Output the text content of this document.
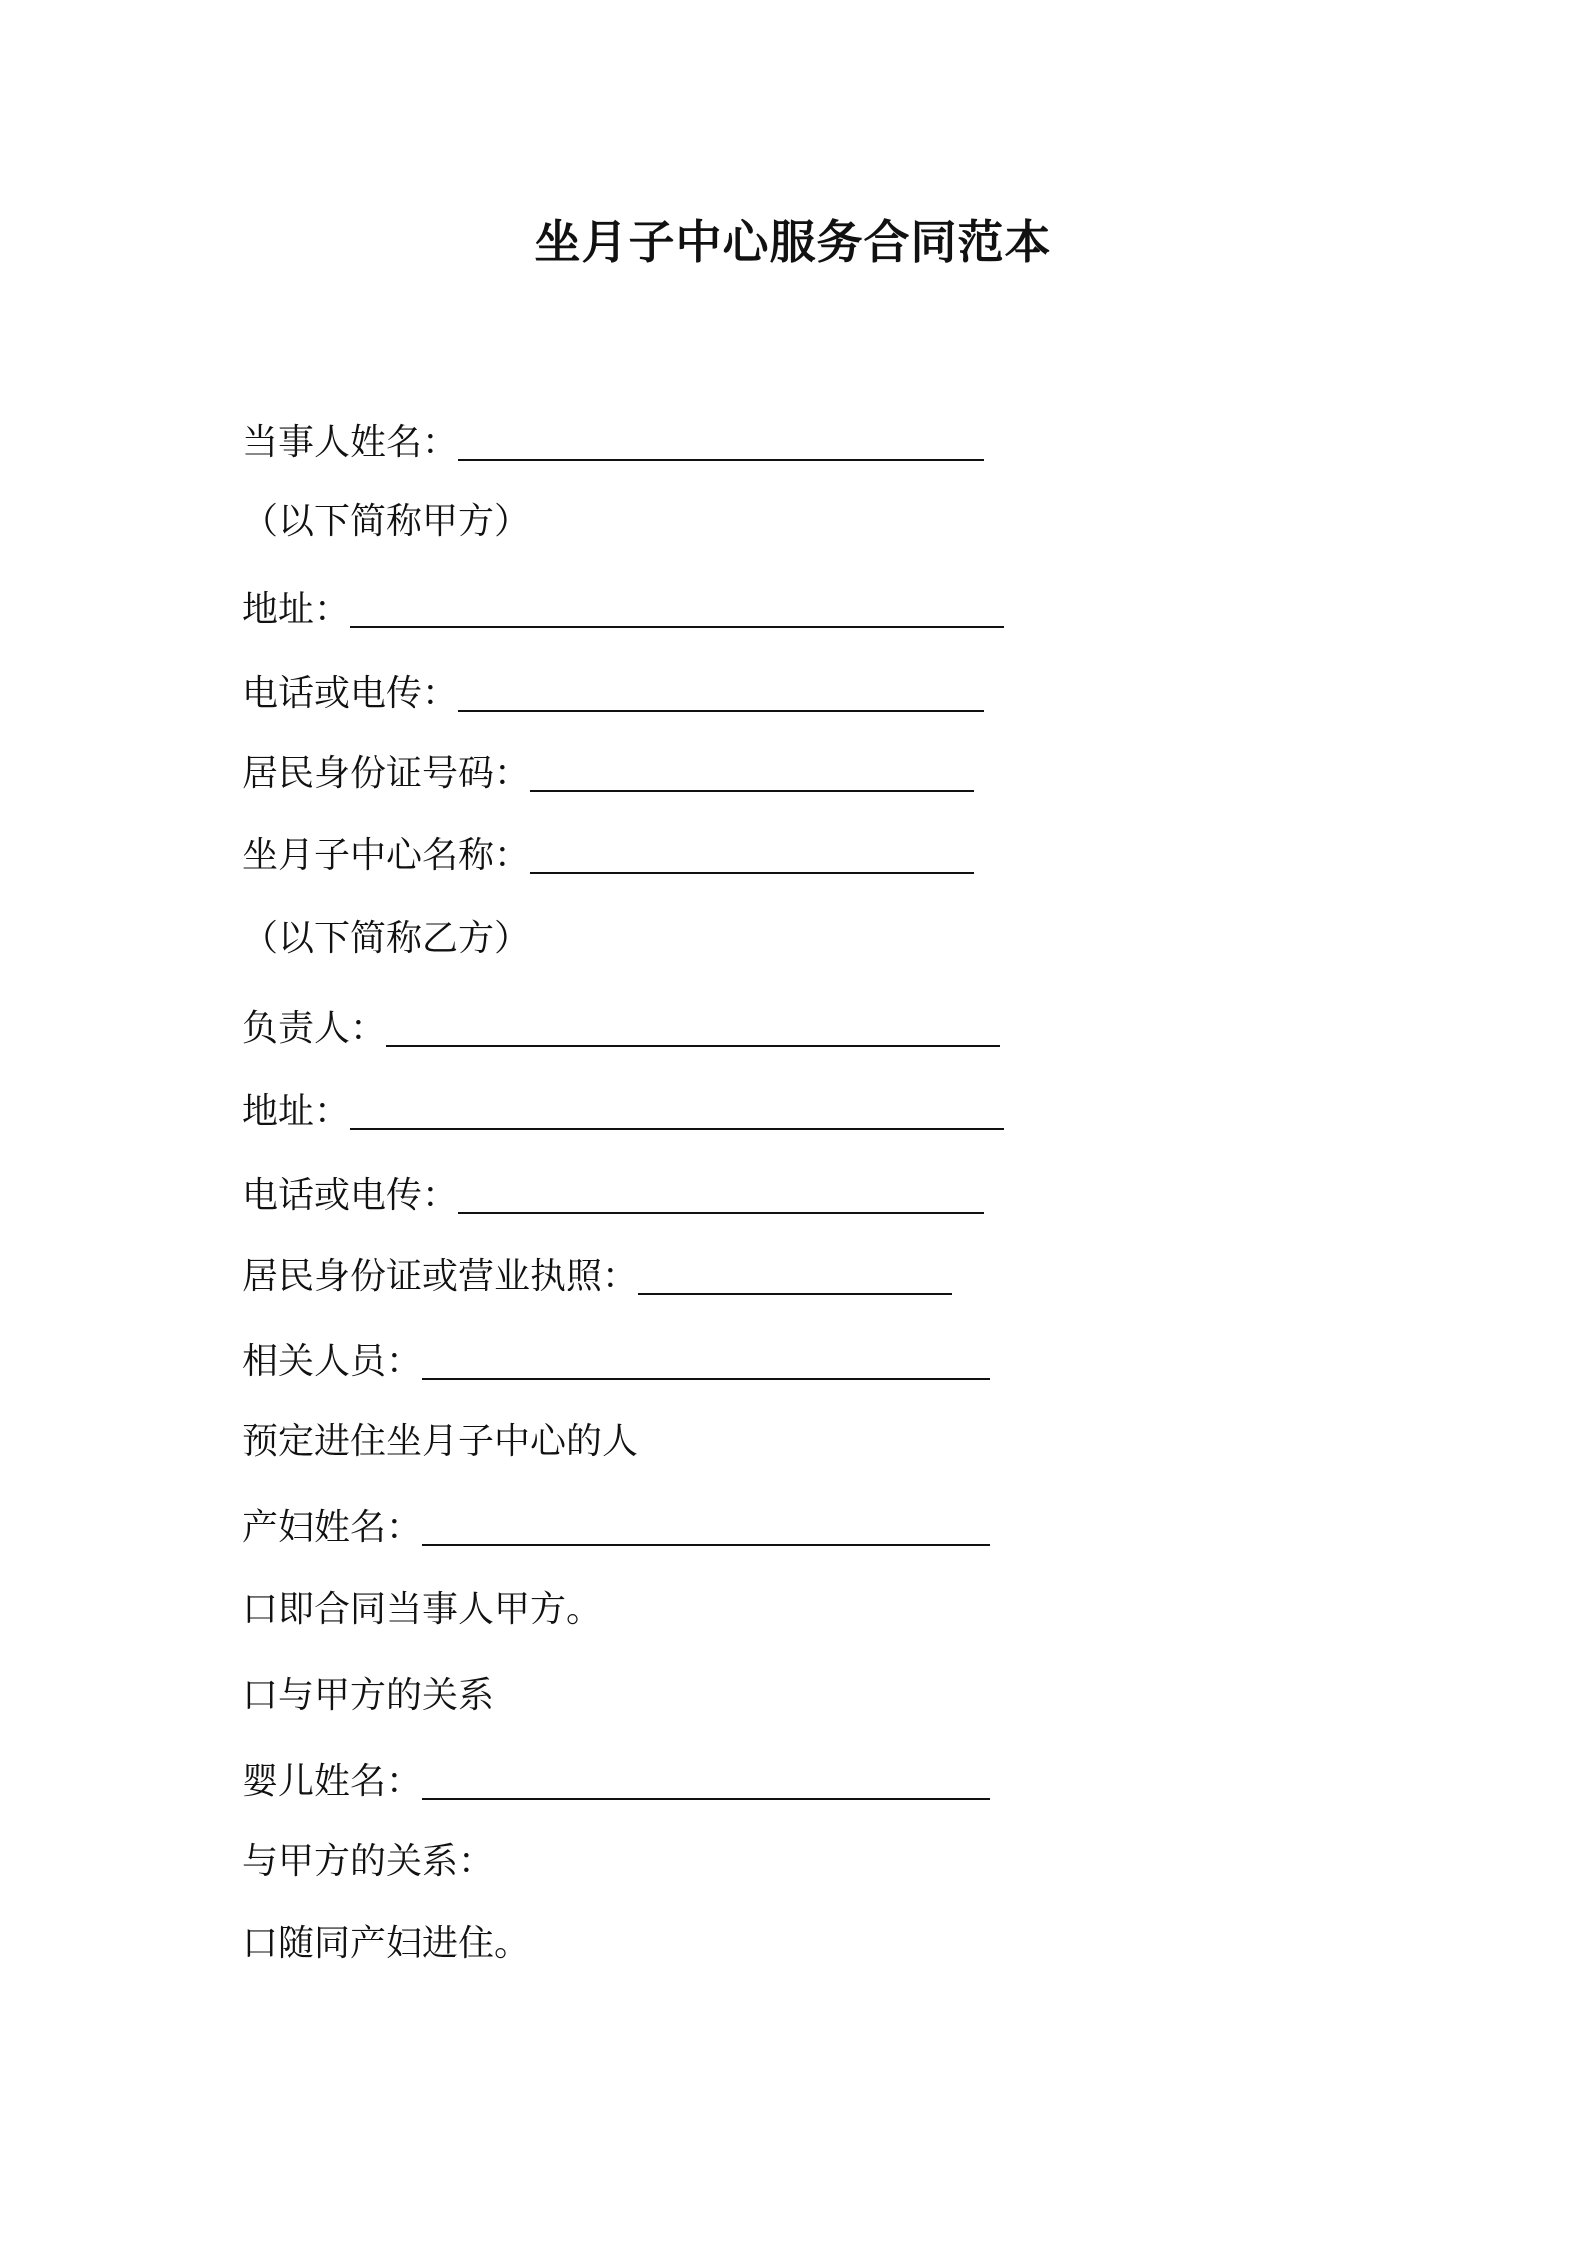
坐月子中心服务合同范本
当事人姓名：
（以下简称甲方）
地址：
电话或电传：
居民身份证号码：
坐月子中心名称：
（以下简称乙方）
负责人：
地址：
电话或电传：
居民身份证或营业执照：
相关人员：
预定进住坐月子中心的人
产妇姓名：
口即合同当事人甲方。
口与甲方的关系
婴儿姓名：
与甲方的关系：
口随同产妇进住。
